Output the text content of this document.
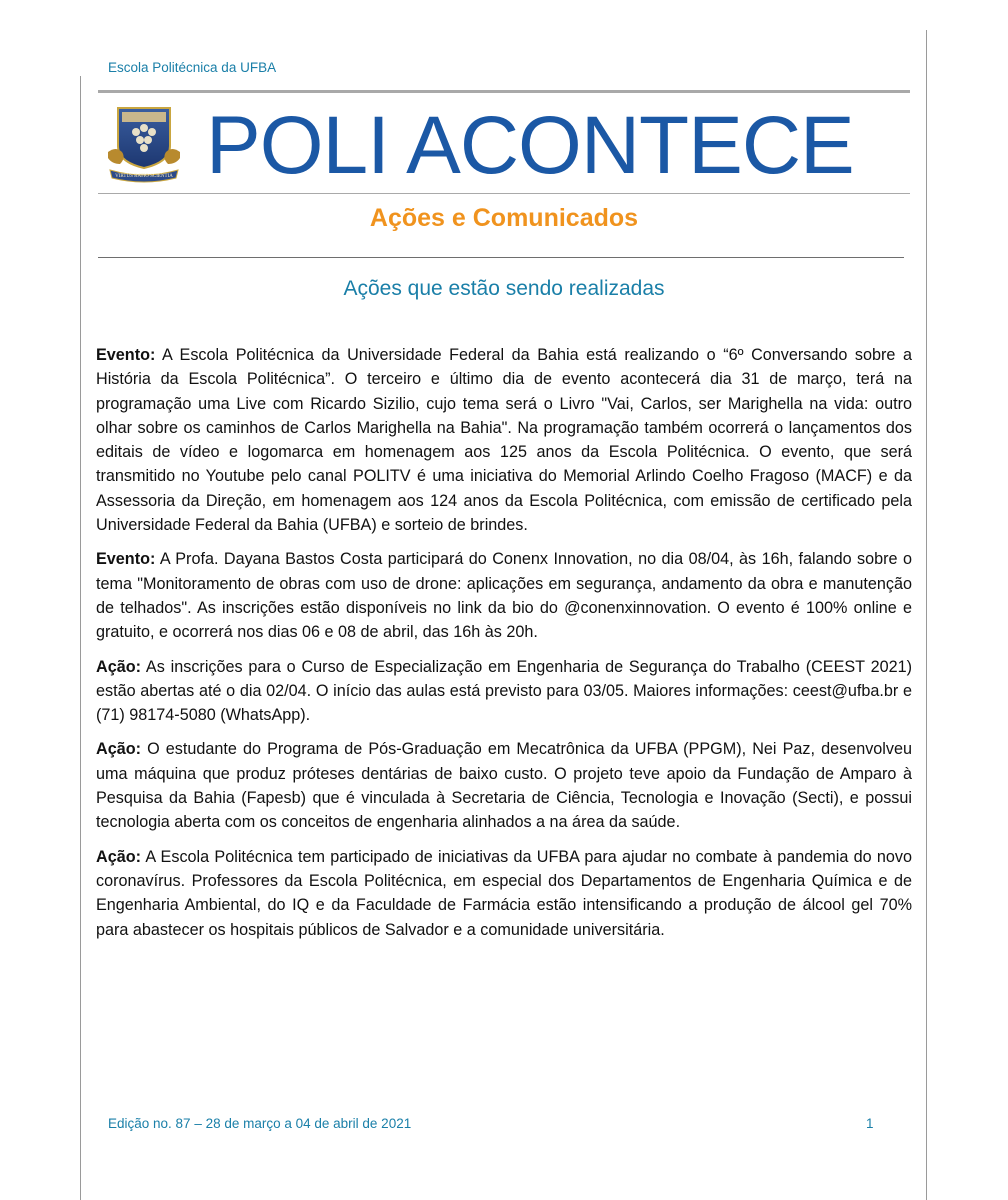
Escola Politécnica da UFBA
VIRTUS RATIO SCIENTIA POLI ACONTECE
Ações e Comunicados
Ações que estão sendo realizadas

Evento: A Escola Politécnica da Universidade Federal da Bahia está realizando o “6º Conversando sobre a História da Escola Politécnica”. O terceiro e último dia de evento acontecerá dia 31 de março, terá na programação uma Live com Ricardo Sizilio, cujo tema será o Livro "Vai, Carlos, ser Marighella na vida: outro olhar sobre os caminhos de Carlos Marighella na Bahia". Na programação também ocorrerá o lançamentos dos editais de vídeo e logomarca em homenagem aos 125 anos da Escola Politécnica. O evento, que será transmitido no Youtube pelo canal POLITV é uma iniciativa do Memorial Arlindo Coelho Fragoso (MACF) e da Assessoria da Direção, em homenagem aos 124 anos da Escola Politécnica, com emissão de certificado pela Universidade Federal da Bahia (UFBA) e sorteio de brindes.

Evento: A Profa. Dayana Bastos Costa participará do Conenx Innovation, no dia 08/04, às 16h, falando sobre o tema "Monitoramento de obras com uso de drone: aplicações em segurança, andamento da obra e manutenção de telhados". As inscrições estão disponíveis no link da bio do @conenxinnovation. O evento é 100% online e gratuito, e ocorrerá nos dias 06 e 08 de abril, das 16h às 20h.

Ação: As inscrições para o Curso de Especialização em Engenharia de Segurança do Trabalho (CEEST 2021) estão abertas até o dia 02/04. O início das aulas está previsto para 03/05. Maiores informações: ceest@ufba.br e (71) 98174-5080 (WhatsApp).

Ação: O estudante do Programa de Pós-Graduação em Mecatrônica da UFBA (PPGM), Nei Paz, desenvolveu uma máquina que produz próteses dentárias de baixo custo. O projeto teve apoio da Fundação de Amparo à Pesquisa da Bahia (Fapesb) que é vinculada à Secretaria de Ciência, Tecnologia e Inovação (Secti), e possui tecnologia aberta com os conceitos de engenharia alinhados a na área da saúde.

Ação: A Escola Politécnica tem participado de iniciativas da UFBA para ajudar no combate à pandemia do novo coronavírus. Professores da Escola Politécnica, em especial dos Departamentos de Engenharia Química e de Engenharia Ambiental, do IQ e da Faculdade de Farmácia estão intensificando a produção de álcool gel 70% para abastecer os hospitais públicos de Salvador e a comunidade universitária.

Edição no. 87 – 28 de março a 04 de abril de 2021	1
